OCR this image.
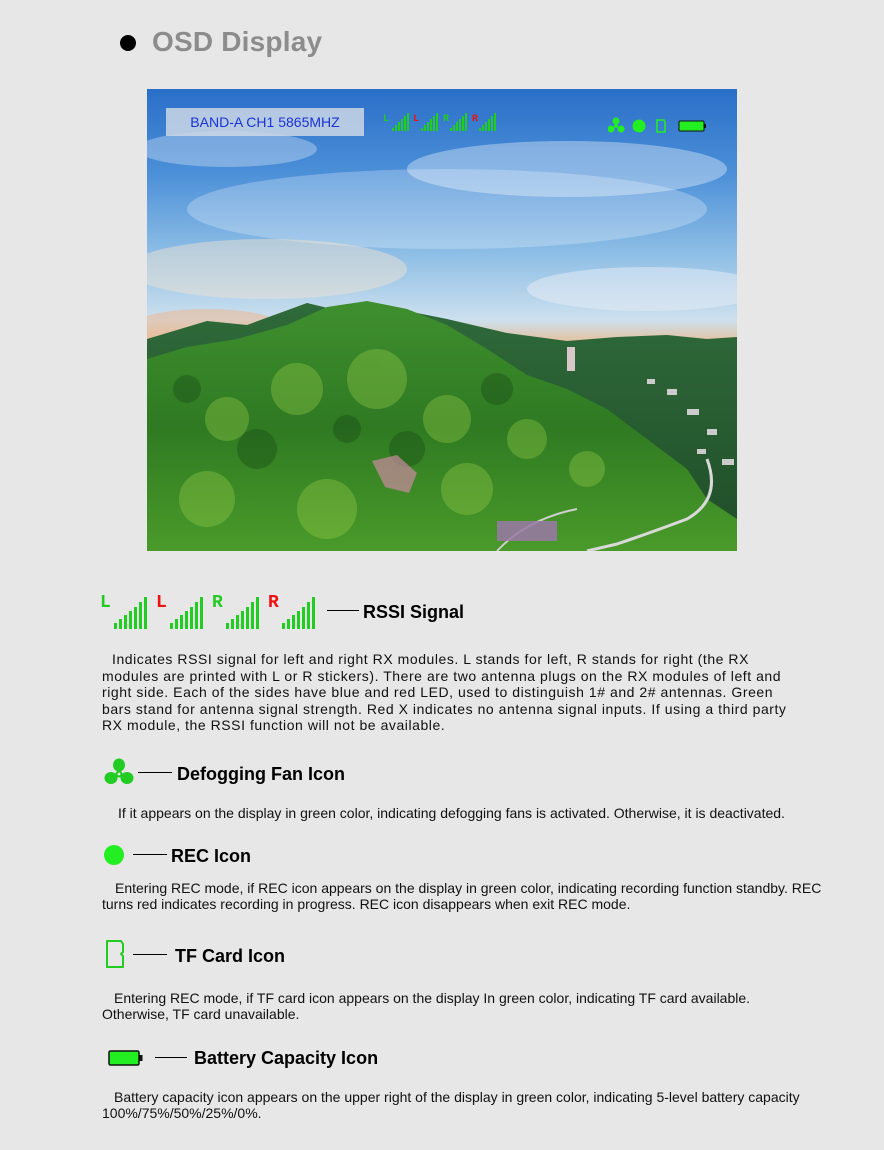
OSD Display
BAND-A CH1 5865MHZ	L L R R
L	L	R	R	RSSI Signal
Indicates RSSI signal for left and right RX modules. L stands for left, R stands for right (the RX modules are printed with L or R stickers). There are two antenna plugs on the RX modules of left and right side. Each of the sides have blue and red LED, used to distinguish 1# and 2# antennas. Green bars stand for antenna signal strength. Red X indicates no antenna signal inputs. If using a third party RX module, the RSSI function will not be available.
Defogging Fan Icon
If it appears on the display in green color, indicating defogging fans is activated. Otherwise, it is deactivated.
REC Icon
Entering REC mode, if REC icon appears on the display in green color, indicating recording function standby. REC turns red indicates recording in progress. REC icon disappears when exit REC mode.
TF Card Icon
Entering REC mode, if TF card icon appears on the display In green color, indicating TF card available. Otherwise, TF card unavailable.
Battery Capacity Icon
Battery capacity icon appears on the upper right of the display in green color, indicating 5-level battery capacity 100%/75%/50%/25%/0%.
